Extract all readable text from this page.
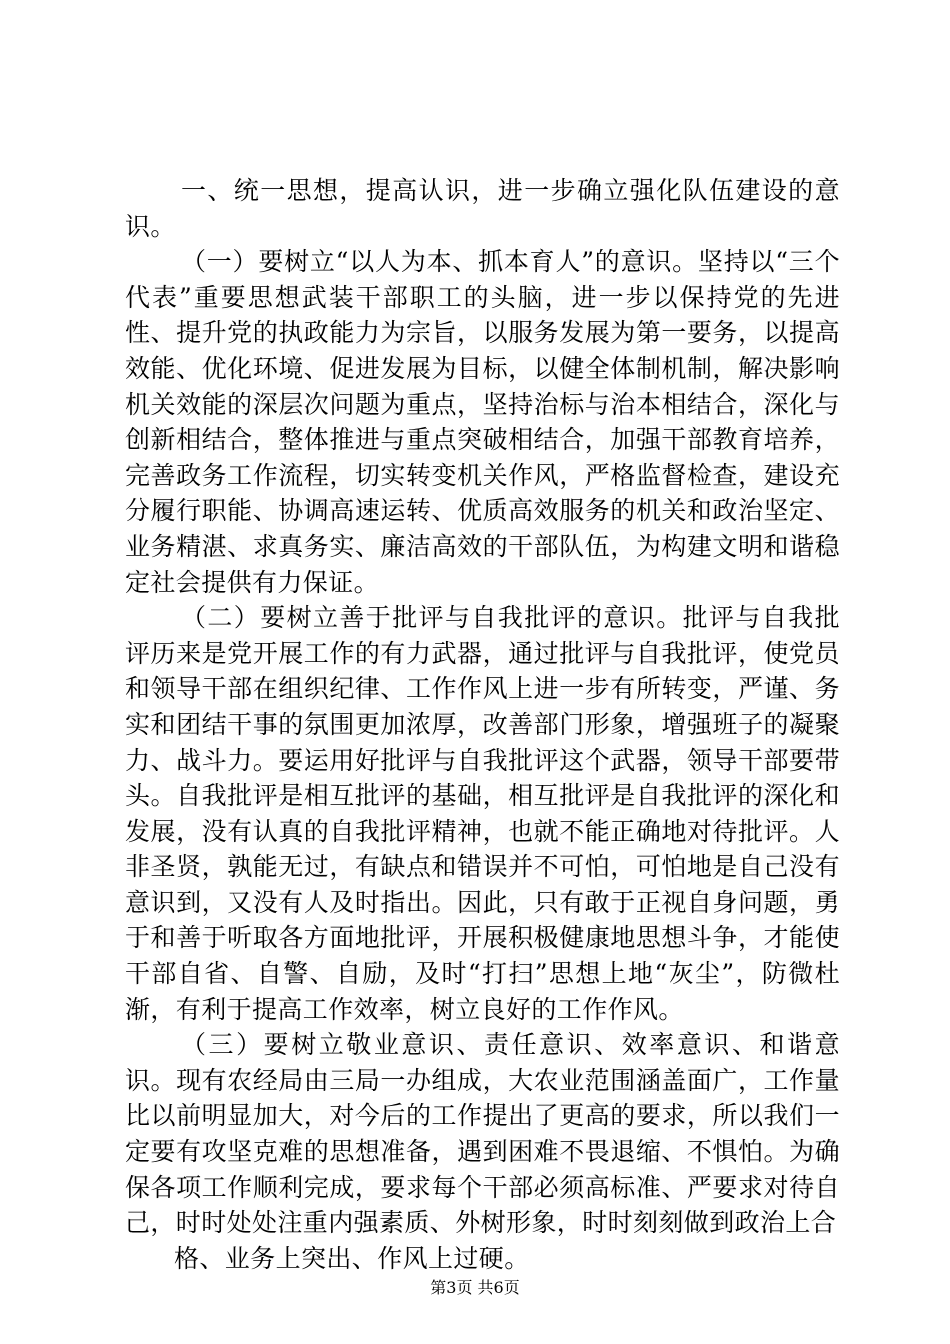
一、统一思想，提高认识，进一步确立强化队伍建设的意识。

（一）要树立“以人为本、抓本育人”的意识。坚持以“三个代表”重要思想武装干部职工的头脑，进一步以保持党的先进性、提升党的执政能力为宗旨，以服务发展为第一要务，以提高效能、优化环境、促进发展为目标，以健全体制机制，解决影响机关效能的深层次问题为重点，坚持治标与治本相结合，深化与创新相结合，整体推进与重点突破相结合，加强干部教育培养，完善政务工作流程，切实转变机关作风，严格监督检查，建设充分履行职能、协调高速运转、优质高效服务的机关和政治坚定、业务精湛、求真务实、廉洁高效的干部队伍，为构建文明和谐稳定社会提供有力保证。

（二）要树立善于批评与自我批评的意识。批评与自我批评历来是党开展工作的有力武器，通过批评与自我批评，使党员和领导干部在组织纪律、工作作风上进一步有所转变，严谨、务实和团结干事的氛围更加浓厚，改善部门形象，增强班子的凝聚力、战斗力。要运用好批评与自我批评这个武器，领导干部要带头。自我批评是相互批评的基础，相互批评是自我批评的深化和发展，没有认真的自我批评精神，也就不能正确地对待批评。人非圣贤，孰能无过，有缺点和错误并不可怕，可怕地是自己没有意识到，又没有人及时指出。因此，只有敢于正视自身问题，勇于和善于听取各方面地批评，开展积极健康地思想斗争，才能使干部自省、自警、自励，及时“打扫”思想上地“灰尘”，防微杜渐，有利于提高工作效率，树立良好的工作作风。

（三）要树立敬业意识、责任意识、效率意识、和谐意识。现有农经局由三局一办组成，大农业范围涵盖面广，工作量比以前明显加大，对今后的工作提出了更高的要求，所以我们一定要有攻坚克难的思想准备，遇到困难不畏退缩、不惧怕。为确保各项工作顺利完成，要求每个干部必须高标准、严要求对待自己，时时处处注重内强素质、外树形象，时时刻刻做到政治上合

格、业务上突出、作风上过硬。

第3页 共6页
